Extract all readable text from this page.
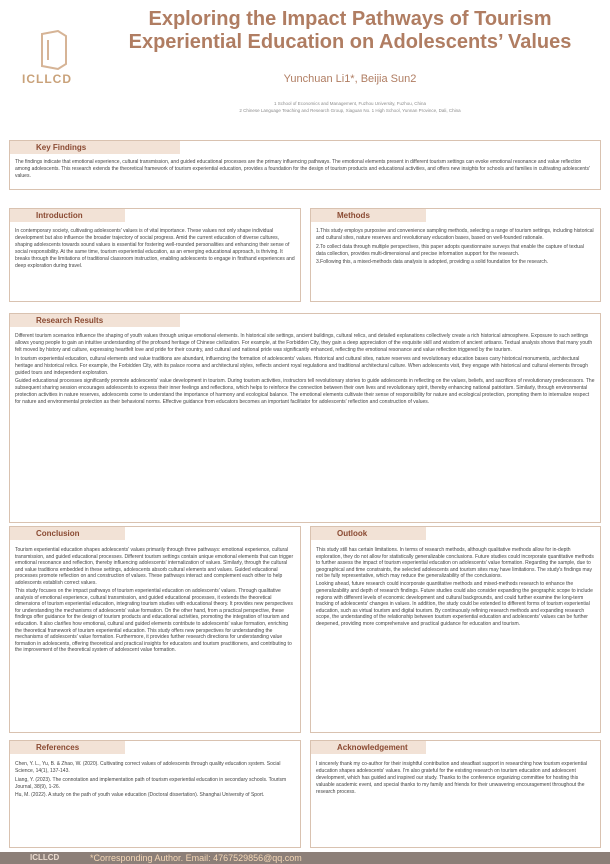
ICLLCD
Exploring the Impact Pathways of Tourism
Experiential Education on Adolescents’ Values
Yunchuan Li1*, Beijia Sun2
1 School of Economics and Management, Fuzhou University, Fuzhou, China
2 Chinese Language Teaching and Research Group, Xiaguan No. 1 High School, Yunnan Province, Dali, China
Key Findings
The findings indicate that emotional experience, cultural transmission, and guided educational processes are the primary influencing pathways. The emotional elements present in different tourism settings can evoke emotional resonance and value reflection among adolescents. This research extends the theoretical framework of tourism experiential education, provides a foundation for the design of tourism products and educational activities, and offers new insights for schools and families in cultivating adolescents' values.
Introduction
In contemporary society, cultivating adolescents' values is of vital importance. These values not only shape individual development but also influence the broader trajectory of social progress. Amid the current education of diverse cultures, shaping adolescents towards sound values is essential for fostering well-rounded personalities and enhancing their sense of social responsibility. At the same time, tourism experiential education, as an emerging educational approach, is thriving. It breaks through the limitations of traditional classroom instruction, enabling adolescents to engage in firsthand experiences and deep exploration during travel.
Methods

1.This study employs purposive and convenience sampling methods, selecting a range of tourism settings, including historical and cultural sites, nature reserves and revolutionary education bases, based on well-founded rationale.

2.To collect data through multiple perspectives, this paper adopts questionnaire surveys that enable the capture of textual data collection, provides multi-dimensional and precise information support for the research.

3.Following this, a mixed-methods data analysis is adopted, providing a solid foundation for the research.

Research Results

Different tourism scenarios influence the shaping of youth values through unique emotional elements. In historical site settings, ancient buildings, cultural relics, and detailed explanations collectively create a rich historical atmosphere. Exposure to such settings allows young people to gain an intuitive understanding of the profound heritage of Chinese civilization. For example, at the Forbidden City, they gain a deep appreciation of the exquisite skill and wisdom of ancient artisans. Textual analysis shows that many youth felt moved by history and culture, expressing heartfelt love and pride for their country, and cultural and national pride was significantly enhanced, reflecting the emotional resonance and value reflection triggered by the tourism.

In tourism experiential education, cultural elements and value traditions are abundant, influencing the formation of adolescents' values. Historical and cultural sites, nature reserves and revolutionary education bases carry historical monuments, architectural heritage and historical relics. For example, the Forbidden City, with its palace rooms and architectural styles, reflects ancient royal regulations and traditional architectural culture. When adolescents visit, they engage with historical and cultural elements through guided tours and independent exploration.

Guided educational processes significantly promote adolescents' value development in tourism. During tourism activities, instructors tell revolutionary stories to guide adolescents in reflecting on the values, beliefs, and sacrifices of revolutionary predecessors. The subsequent sharing session encourages adolescents to express their inner feelings and reflections, which helps to reinforce the connection between their own lives and revolutionary spirit, thereby enhancing national patriotism. Similarly, through environmental protection activities in nature reserves, adolescents come to understand the importance of harmony and ecological balance. The emotional elements cultivate their sense of responsibility for nature and ecological protection, prompting them to internalize respect for nature and environmental protection as their behavioral norms. Effective guidance from educators becomes an important facilitator for adolescents' reflection and construction of values.

Conclusion

Tourism experiential education shapes adolescents' values primarily through three pathways: emotional experience, cultural transmission, and guided educational processes. Different tourism settings contain unique emotional elements that can trigger emotional resonance and reflection, thereby influencing adolescents' internalization of values. Similarly, through the cultural and value traditions embedded in these settings, adolescents absorb cultural elements and values. Guided educational processes promote reflection on and construction of values. These pathways interact and complement each other to help adolescents establish correct values.

This study focuses on the impact pathways of tourism experiential education on adolescents' values. Through qualitative analysis of emotional experience, cultural transmission, and guided educational processes, it extends the theoretical dimensions of tourism experiential education, integrating tourism studies with educational theory. It provides new perspectives for understanding the mechanisms of adolescents' value formation. On the other hand, from a practical perspective, these findings offer guidance for the design of tourism products and educational activities, promoting the integration of tourism and education. It also clarifies how emotional, cultural and guided elements contribute to adolescents' value formation, enriching the theoretical framework of tourism experiential education. This study offers new perspectives for understanding the mechanisms of adolescents' value formation. Furthermore, it provides further research directions for understanding value formation in adolescents, offering theoretical and practical insights for educators and tourism practitioners, and contributing to the improvement of the theoretical system of adolescent value formation.

Outlook

This study still has certain limitations. In terms of research methods, although qualitative methods allow for in-depth exploration, they do not allow for statistically generalizable conclusions. Future studies could incorporate quantitative methods to further assess the impact of tourism experiential education on adolescents' value formation. Regarding the sample, due to geographical and time constraints, the selected adolescents and tourism sites may have limitations. The study's findings may not be fully representative, which may reduce the generalizability of the conclusions.

Looking ahead, future research could incorporate quantitative methods and mixed-methods research to enhance the generalizability and depth of research findings. Future studies could also consider expanding the geographic scope to include regions with different levels of economic development and cultural backgrounds, and could further examine the long-term tracking of adolescents' changes in values. In addition, the study could be extended to different forms of tourism experiential education, such as virtual tourism and digital tourism. By continuously refining research methods and expanding research scope, the understanding of the relationship between tourism experiential education and adolescents' values can be further deepened, providing more comprehensive and practical guidance for education and tourism.

References

Chen, Y. L., Yu, B. & Zhao, W. (2020). Cultivating correct values of adolescents through quality education system. Social Science, 14(1), 137-143.

Liang, Y. (2023). The connotation and implementation path of tourism experiential education in secondary schools. Tourism Journal, 38(9), 1-26.

Hu, M. (2022). A study on the path of youth value education (Doctoral dissertation). Shanghai University of Sport.

Acknowledgement
I sincerely thank my co-author for their insightful contribution and steadfast support in researching how tourism experiential education shapes adolescents' values. I'm also grateful for the existing research on tourism education and adolescent development, which has guided and inspired our study. Thanks to the conference organizing committee for hosting this valuable academic event, and special thanks to my family and friends for their unwavering encouragement throughout the research process.
ICLLCD	*Corresponding Author. Email: 4767529856@qq.com
